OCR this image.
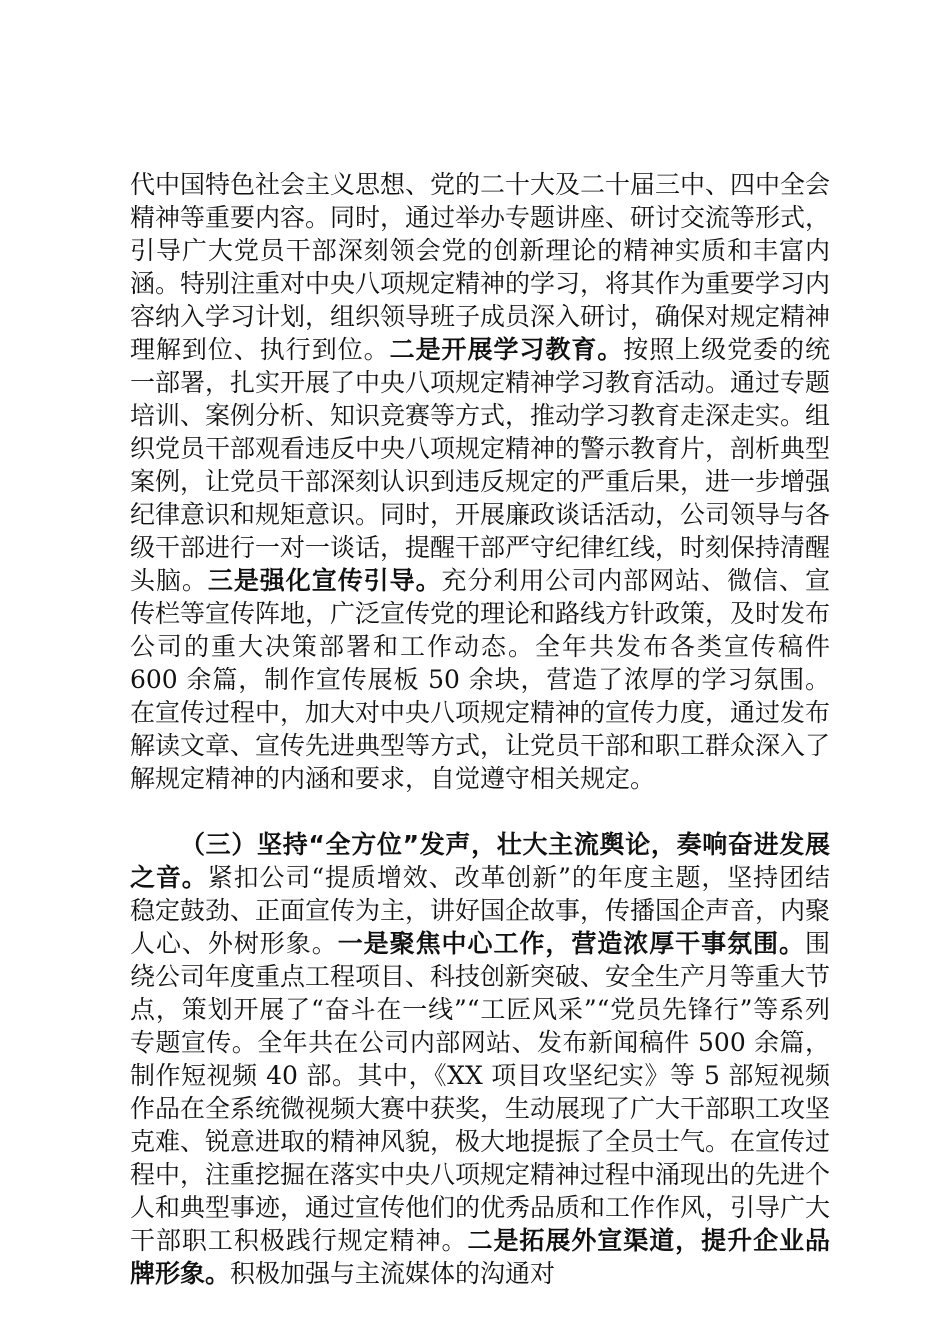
代中国特色社会主义思想、党的二十大及二十届三中、四中全会精神等重要内容。同时，通过举办专题讲座、研讨交流等形式，引导广大党员干部深刻领会党的创新理论的精神实质和丰富内涵。特别注重对中央八项规定精神的学习，将其作为重要学习内容纳入学习计划，组织领导班子成员深入研讨，确保对规定精神理解到位、执行到位。二是开展学习教育。按照上级党委的统一部署，扎实开展了中央八项规定精神学习教育活动。通过专题培训、案例分析、知识竞赛等方式，推动学习教育走深走实。组织党员干部观看违反中央八项规定精神的警示教育片，剖析典型案例，让党员干部深刻认识到违反规定的严重后果，进一步增强纪律意识和规矩意识。同时，开展廉政谈话活动，公司领导与各级干部进行一对一谈话，提醒干部严守纪律红线，时刻保持清醒头脑。三是强化宣传引导。充分利用公司内部网站、微信、宣传栏等宣传阵地，广泛宣传党的理论和路线方针政策，及时发布公司的重大决策部署和工作动态。全年共发布各类宣传稿件 600 余篇，制作宣传展板 50 余块，营造了浓厚的学习氛围。在宣传过程中，加大对中央八项规定精神的宣传力度，通过发布解读文章、宣传先进典型等方式，让党员干部和职工群众深入了解规定精神的内涵和要求，自觉遵守相关规定。

（三）坚持“全方位”发声，壮大主流舆论，奏响奋进发展之音。紧扣公司“提质增效、改革创新”的年度主题，坚持团结稳定鼓劲、正面宣传为主，讲好国企故事，传播国企声音，内聚人心、外树形象。一是聚焦中心工作，营造浓厚干事氛围。围绕公司年度重点工程项目、科技创新突破、安全生产月等重大节点，策划开展了“奋斗在一线”“工匠风采”“党员先锋行”等系列专题宣传。全年共在公司内部网站、发布新闻稿件 500 余篇，制作短视频 40 部。其中，《XX 项目攻坚纪实》等 5 部短视频作品在全系统微视频大赛中获奖，生动展现了广大干部职工攻坚克难、锐意进取的精神风貌，极大地提振了全员士气。在宣传过程中，注重挖掘在落实中央八项规定精神过程中涌现出的先进个人和典型事迹，通过宣传他们的优秀品质和工作作风，引导广大干部职工积极践行规定精神。二是拓展外宣渠道，提升企业品牌形象。积极加强与主流媒体的沟通对
